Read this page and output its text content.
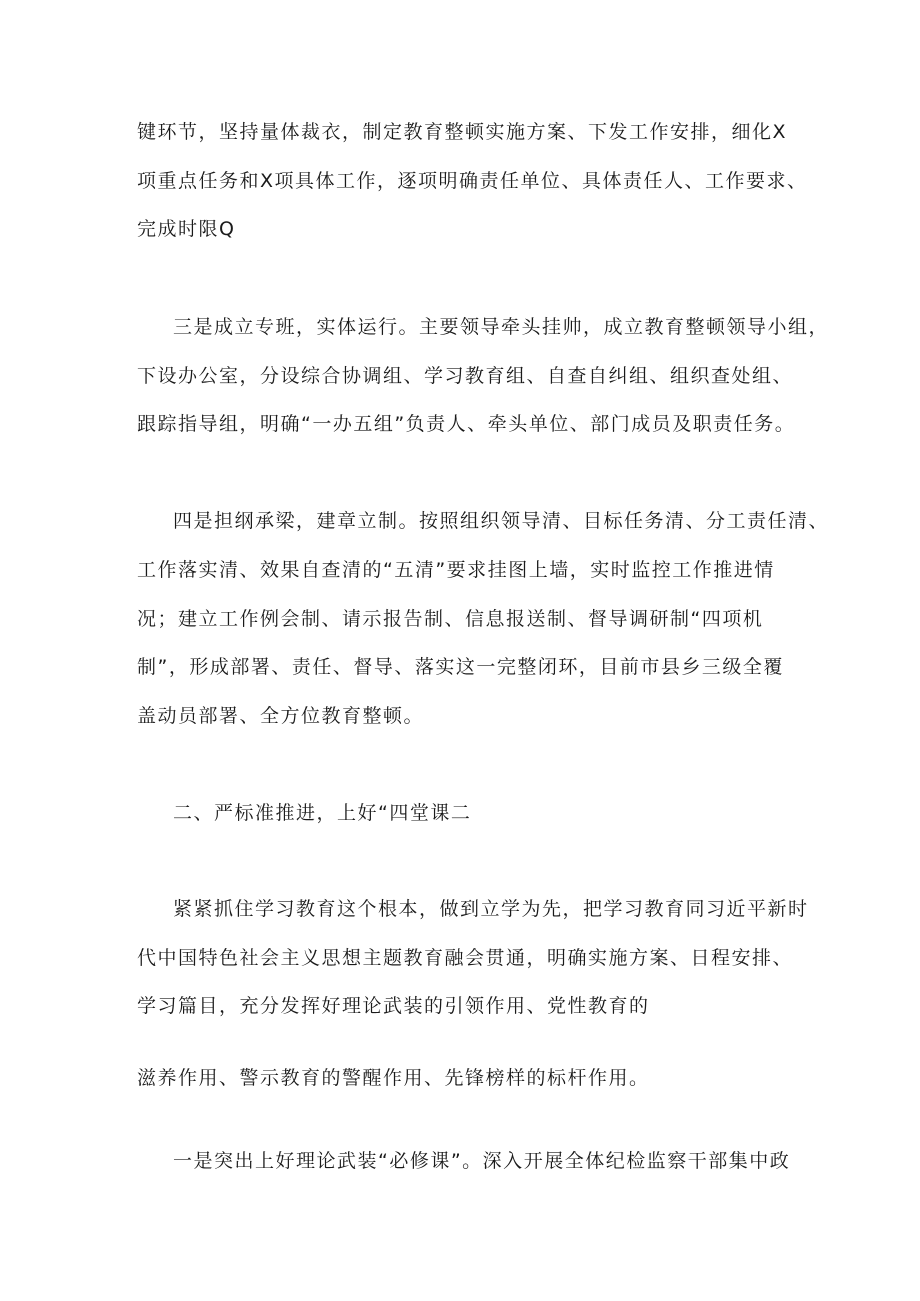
键环节，坚持量体裁衣，制定教育整顿实施方案、下发工作安排，细化X
项重点任务和X项具体工作，逐项明确责任单位、具体责任人、工作要求、
完成时限Q
三是成立专班，实体运行。主要领导牵头挂帅，成立教育整顿领导小组，
下设办公室，分设综合协调组、学习教育组、自查自纠组、组织查处组、
跟踪指导组，明确“一办五组”负责人、牵头单位、部门成员及职责任务。
四是担纲承梁，建章立制。按照组织领导清、目标任务清、分工责任清、
工作落实清、效果自查清的“五清”要求挂图上墙，实时监控工作推进情
况；建立工作例会制、请示报告制、信息报送制、督导调研制“四项机
制”，形成部署、责任、督导、落实这一完整闭环，目前市县乡三级全覆
盖动员部署、全方位教育整顿。
二、严标准推进，上好“四堂课二
紧紧抓住学习教育这个根本，做到立学为先，把学习教育同习近平新时
代中国特色社会主义思想主题教育融会贯通，明确实施方案、日程安排、
学习篇目，充分发挥好理论武装的引领作用、党性教育的
滋养作用、警示教育的警醒作用、先锋榜样的标杆作用。
一是突出上好理论武装“必修课”。深入开展全体纪检监察干部集中政
